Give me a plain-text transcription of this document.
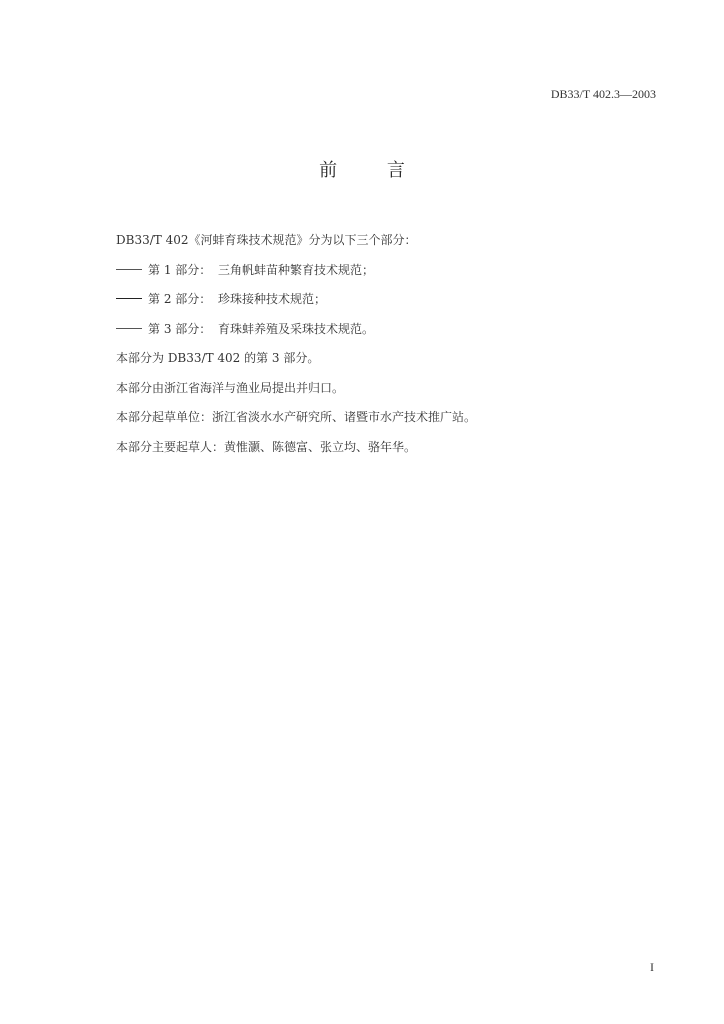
DB33/T 402.3—2003
前 言
DB33/T 402《河蚌育珠技术规范》分为以下三个部分：
第 1 部分： 三角帆蚌苗种繁育技术规范；
第 2 部分： 珍珠接种技术规范；
第 3 部分： 育珠蚌养殖及采珠技术规范。
本部分为 DB33/T 402 的第 3 部分。
本部分由浙江省海洋与渔业局提出并归口。
本部分起草单位：浙江省淡水水产研究所、诸暨市水产技术推广站。
本部分主要起草人：黄惟灏、陈德富、张立均、骆年华。
I
